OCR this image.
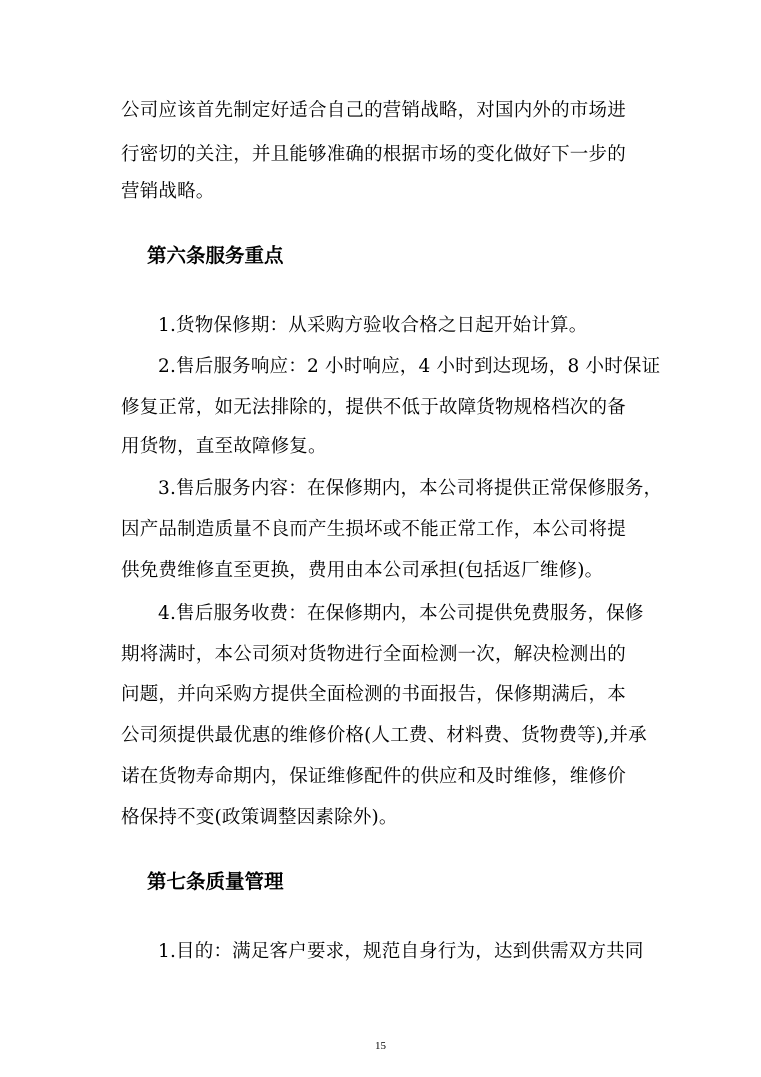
公司应该首先制定好适合自己的营销战略，对国内外的市场进
行密切的关注，并且能够准确的根据市场的变化做好下一步的
营销战略。
第六条服务重点
1.货物保修期：从采购方验收合格之日起开始计算。
2.售后服务响应：2 小时响应，4 小时到达现场，8 小时保证
修复正常，如无法排除的，提供不低于故障货物规格档次的备
用货物，直至故障修复。
3.售后服务内容：在保修期内，本公司将提供正常保修服务，
因产品制造质量不良而产生损坏或不能正常工作，本公司将提
供免费维修直至更换，费用由本公司承担(包括返厂维修)。
4.售后服务收费：在保修期内，本公司提供免费服务，保修
期将满时，本公司须对货物进行全面检测一次，解决检测出的
问题，并向采购方提供全面检测的书面报告，保修期满后，本
公司须提供最优惠的维修价格(人工费、材料费、货物费等),并承
诺在货物寿命期内，保证维修配件的供应和及时维修，维修价
格保持不变(政策调整因素除外)。
第七条质量管理
1.目的：满足客户要求，规范自身行为，达到供需双方共同
15
